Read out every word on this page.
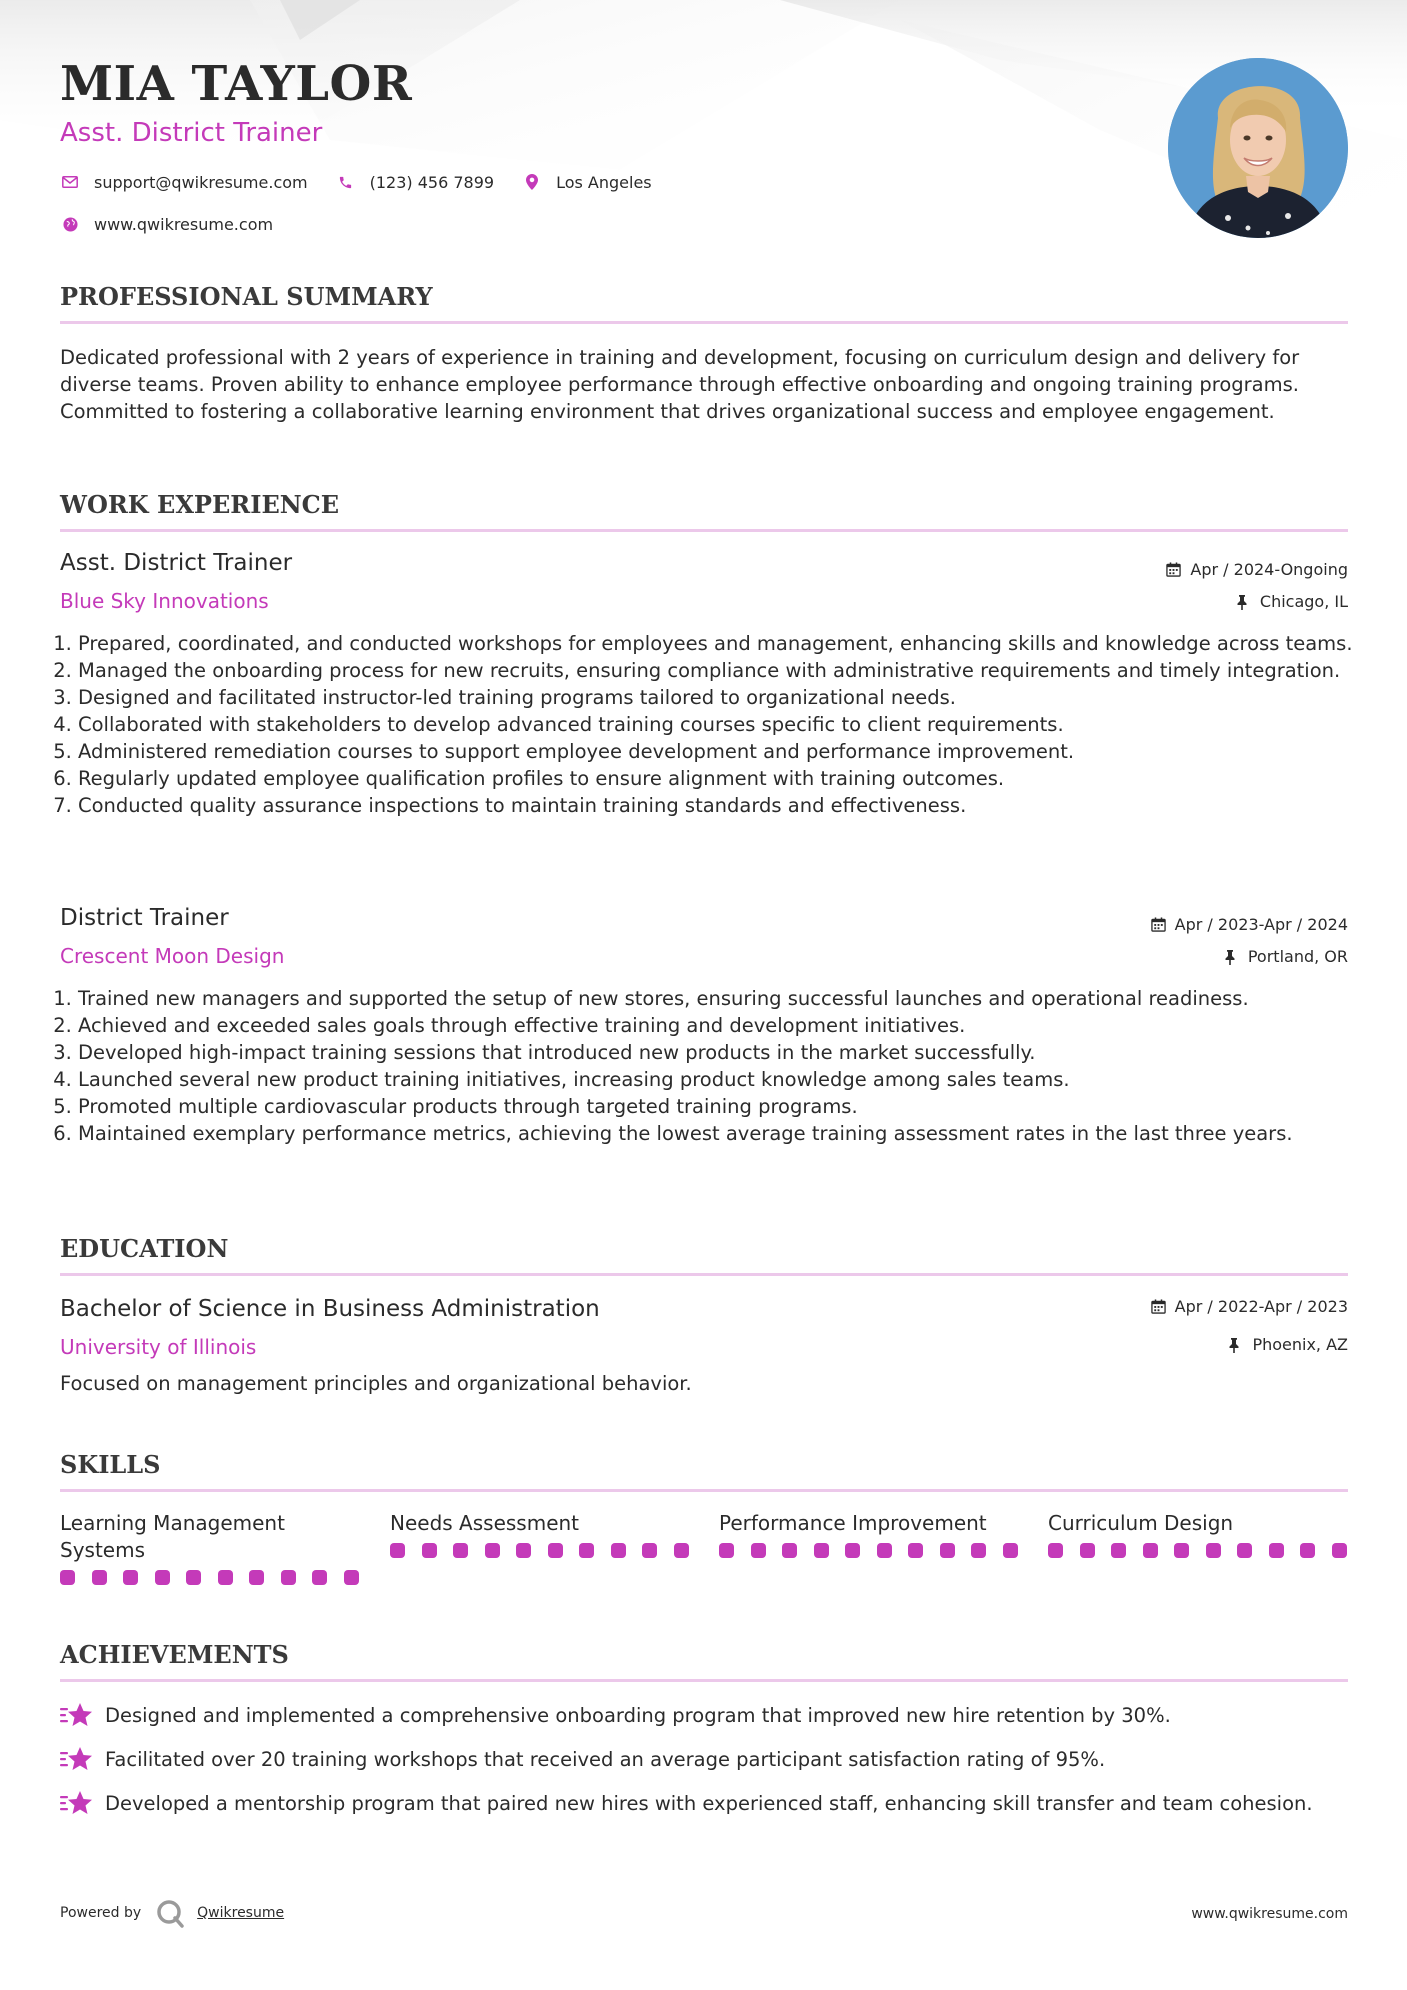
MIA TAYLOR
Asst. District Trainer
support@qwikresume.com	(123) 456 7899	Los Angeles
www.qwikresume.com
PROFESSIONAL SUMMARY

Dedicated professional with 2 years of experience in training and development, focusing on curriculum design and delivery for diverse teams. Proven ability to enhance employee performance through effective onboarding and ongoing training programs. Committed to fostering a collaborative learning environment that drives organizational success and employee engagement.

WORK EXPERIENCE
Asst. District Trainer	Apr / 2024-Ongoing
Blue Sky Innovations	Chicago, IL
1. Prepared, coordinated, and conducted workshops for employees and management, enhancing skills and knowledge across teams.
2. Managed the onboarding process for new recruits, ensuring compliance with administrative requirements and timely integration.
3. Designed and facilitated instructor-led training programs tailored to organizational needs.
4. Collaborated with stakeholders to develop advanced training courses specific to client requirements.
5. Administered remediation courses to support employee development and performance improvement.
6. Regularly updated employee qualification profiles to ensure alignment with training outcomes.
7. Conducted quality assurance inspections to maintain training standards and effectiveness.
District Trainer	Apr / 2023-Apr / 2024
Crescent Moon Design	Portland, OR
1. Trained new managers and supported the setup of new stores, ensuring successful launches and operational readiness.
2. Achieved and exceeded sales goals through effective training and development initiatives.
3. Developed high-impact training sessions that introduced new products in the market successfully.
4. Launched several new product training initiatives, increasing product knowledge among sales teams.
5. Promoted multiple cardiovascular products through targeted training programs.
6. Maintained exemplary performance metrics, achieving the lowest average training assessment rates in the last three years.
EDUCATION
Bachelor of Science in Business Administration	Apr / 2022-Apr / 2023
University of Illinois	Phoenix, AZ

Focused on management principles and organizational behavior.

SKILLS
Learning Management Systems
Needs Assessment	Performance Improvement	Curriculum Design
ACHIEVEMENTS
Designed and implemented a comprehensive onboarding program that improved new hire retention by 30%.
Facilitated over 20 training workshops that received an average participant satisfaction rating of 95%.
Developed a mentorship program that paired new hires with experienced staff, enhancing skill transfer and team cohesion.
Powered by	Qwikresume	www.qwikresume.com
